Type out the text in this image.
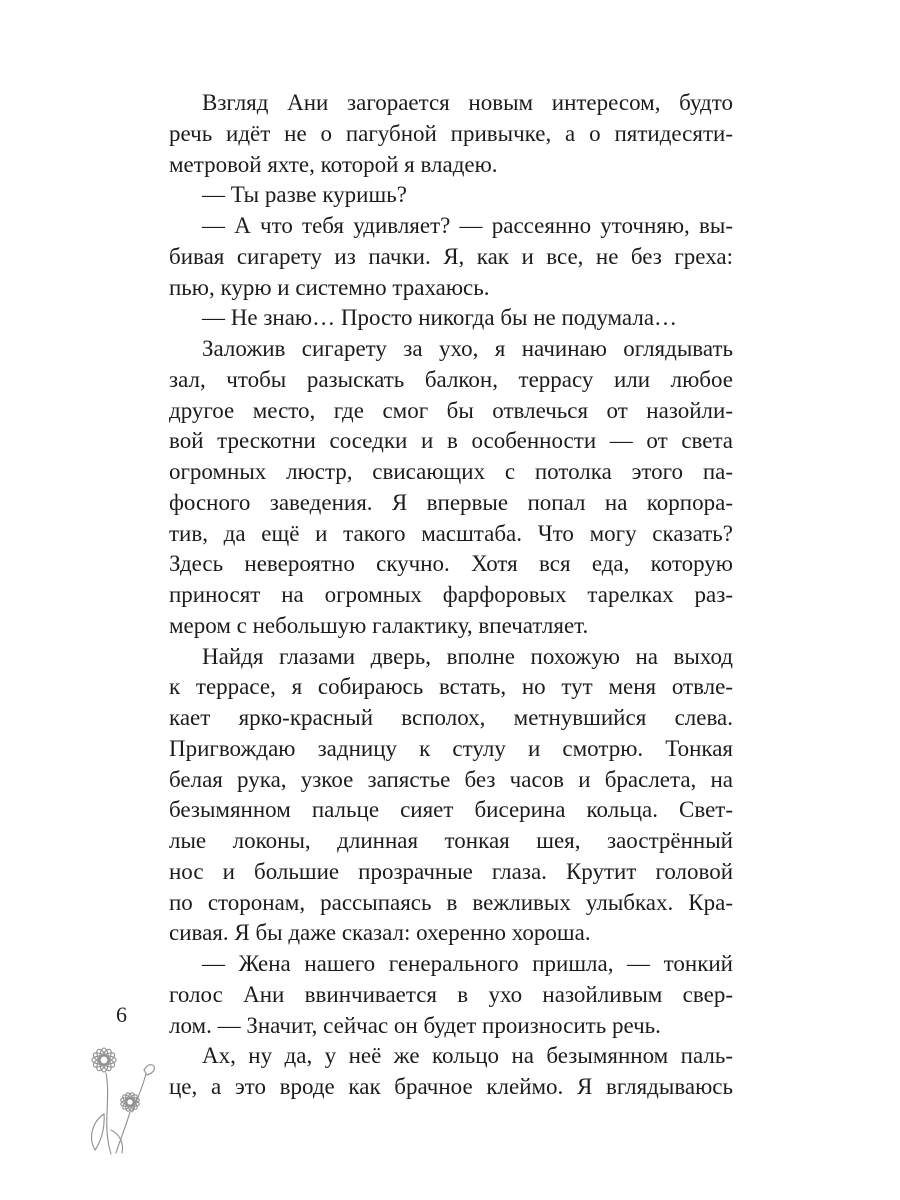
Взгляд Ани загорается новым интересом, будто
речь идёт не о пагубной привычке, а о пятидесяти-
метровой яхте, которой я владею.
— Ты разве куришь?
— А что тебя удивляет? — рассеянно уточняю, вы-
бивая сигарету из пачки. Я, как и все, не без греха:
пью, курю и системно трахаюсь.
— Не знаю… Просто никогда бы не подумала…
Заложив сигарету за ухо, я начинаю оглядывать
зал, чтобы разыскать балкон, террасу или любое
другое место, где смог бы отвлечься от назойли-
вой трескотни соседки и в особенности — от света
огромных люстр, свисающих с потолка этого па-
фосного заведения. Я впервые попал на корпора-
тив, да ещё и такого масштаба. Что могу сказать?
Здесь невероятно скучно. Хотя вся еда, которую
приносят на огромных фарфоровых тарелках раз-
мером с небольшую галактику, впечатляет.
Найдя глазами дверь, вполне похожую на выход
к террасе, я собираюсь встать, но тут меня отвле-
кает ярко-красный всполох, метнувшийся слева.
Пригвождаю задницу к стулу и смотрю. Тонкая
белая рука, узкое запястье без часов и браслета, на
безымянном пальце сияет бисерина кольца. Свет-
лые локоны, длинная тонкая шея, заострённый
нос и большие прозрачные глаза. Крутит головой
по сторонам, рассыпаясь в вежливых улыбках. Кра-
сивая. Я бы даже сказал: охеренно хороша.
— Жена нашего генерального пришла, — тонкий
голос Ани ввинчивается в ухо назойливым свер-
лом. — Значит, сейчас он будет произносить речь.
Ах, ну да, у неё же кольцо на безымянном паль-
це, а это вроде как брачное клеймо. Я вглядываюсь
6
